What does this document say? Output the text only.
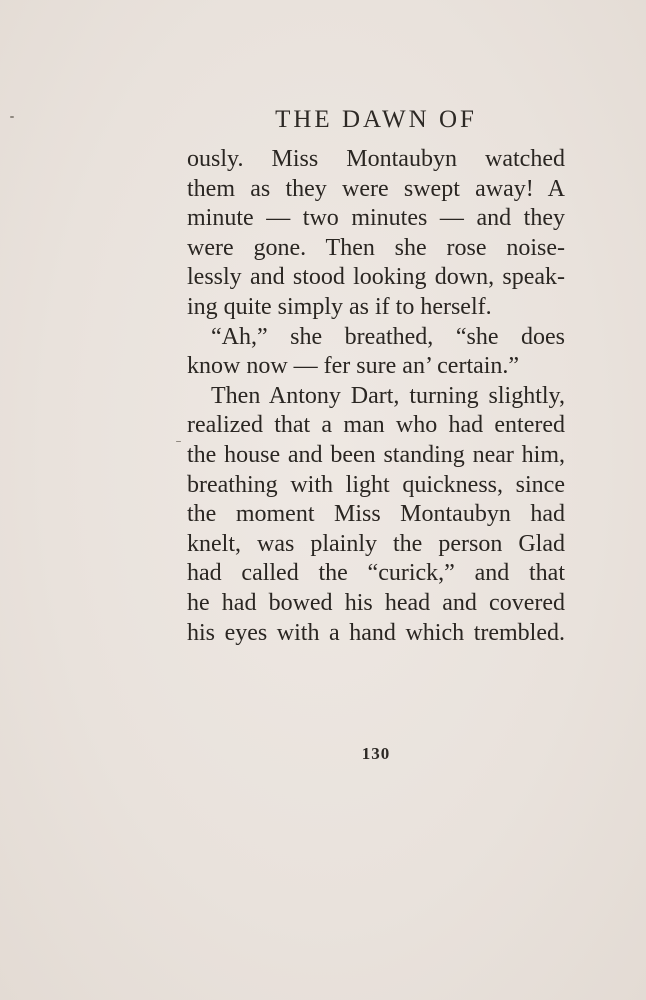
THE DAWN OF
ously. Miss Montaubyn watched
them as they were swept away! A
minute — two minutes — and they
were gone. Then she rose noise-
lessly and stood looking down, speak-
ing quite simply as if to herself.
“Ah,” she breathed, “she does
know now — fer sure an’ certain.”
Then Antony Dart, turning slightly,
realized that a man who had entered
the house and been standing near him,
breathing with light quickness, since
the moment Miss Montaubyn had
knelt, was plainly the person Glad
had called the “curick,” and that
he had bowed his head and covered
his eyes with a hand which trembled.
130
